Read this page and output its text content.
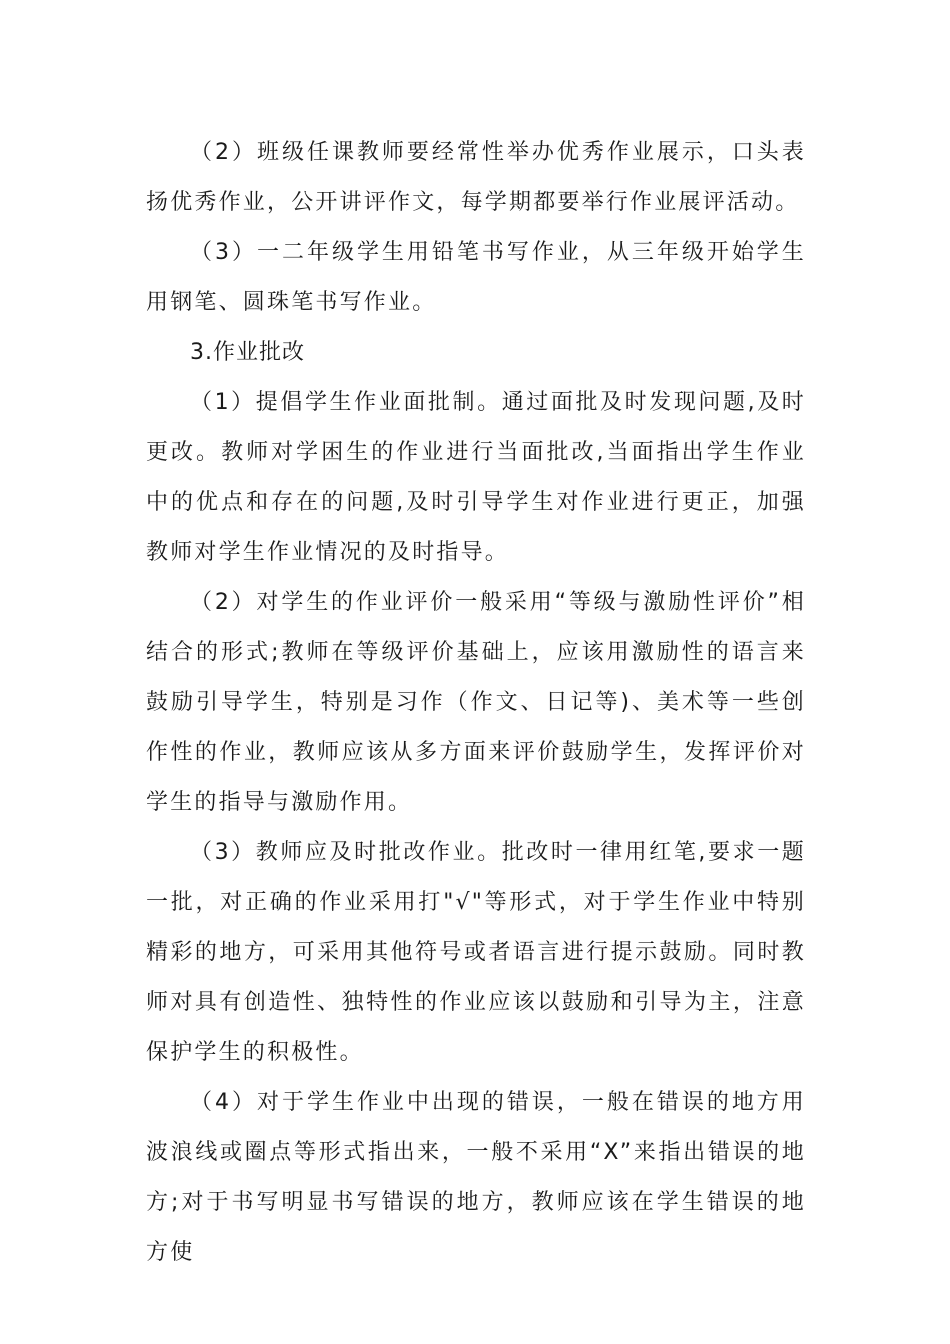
（2）班级任课教师要经常性举办优秀作业展示，口头表扬优秀作业，公开讲评作文，每学期都要举行作业展评活动。

（3）一二年级学生用铅笔书写作业，从三年级开始学生用钢笔、圆珠笔书写作业。

3.作业批改

（1）提倡学生作业面批制。通过面批及时发现问题,及时更改。教师对学困生的作业进行当面批改,当面指出学生作业中的优点和存在的问题,及时引导学生对作业进行更正，加强教师对学生作业情况的及时指导。

（2）对学生的作业评价一般采用“等级与激励性评价”相结合的形式;教师在等级评价基础上，应该用激励性的语言来鼓励引导学生，特别是习作（作文、日记等)、美术等一些创作性的作业，教师应该从多方面来评价鼓励学生，发挥评价对学生的指导与激励作用。

（3）教师应及时批改作业。批改时一律用红笔,要求一题一批，对正确的作业采用打"√"等形式，对于学生作业中特别精彩的地方，可采用其他符号或者语言进行提示鼓励。同时教师对具有创造性、独特性的作业应该以鼓励和引导为主，注意保护学生的积极性。

（4）对于学生作业中出现的错误，一般在错误的地方用波浪线或圈点等形式指出来，一般不采用“X”来指出错误的地方;对于书写明显书写错误的地方，教师应该在学生错误的地方使
